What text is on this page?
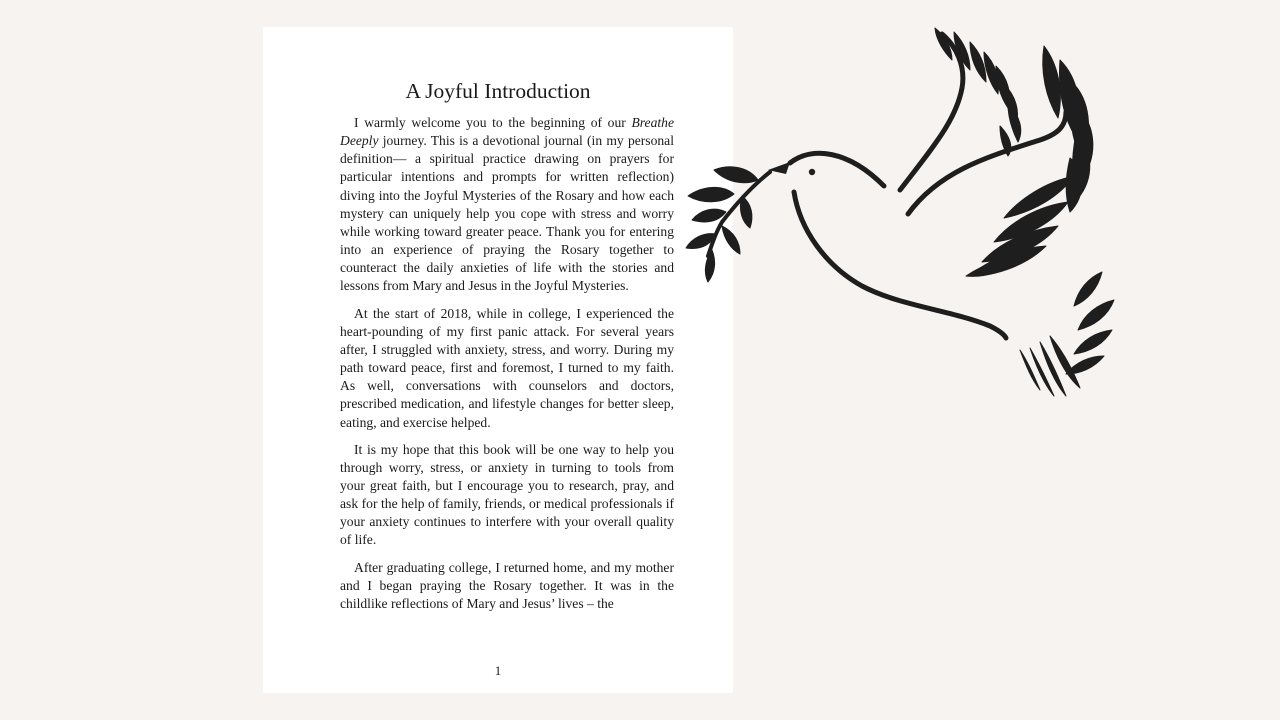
A Joyful Introduction

I warmly welcome you to the beginning of our Breathe Deeply journey. This is a devotional journal (in my personal definition— a spiritual practice drawing on prayers for particular intentions and prompts for written reflection) diving into the Joyful Mysteries of the Rosary and how each mystery can uniquely help you cope with stress and worry while working toward greater peace. Thank you for entering into an experience of praying the Rosary together to counteract the daily anxieties of life with the stories and lessons from Mary and Jesus in the Joyful Mysteries.

At the start of 2018, while in college, I experienced the heart-pounding of my first panic attack. For several years after, I struggled with anxiety, stress, and worry. During my path toward peace, first and foremost, I turned to my faith. As well, conversations with counselors and doctors, prescribed medication, and lifestyle changes for better sleep, eating, and exercise helped.

It is my hope that this book will be one way to help you through worry, stress, or anxiety in turning to tools from your great faith, but I encourage you to research, pray, and ask for the help of family, friends, or medical professionals if your anxiety continues to interfere with your overall quality of life.

After graduating college, I returned home, and my mother and I began praying the Rosary together. It was in the childlike reflections of Mary and Jesus’ lives – the

1
